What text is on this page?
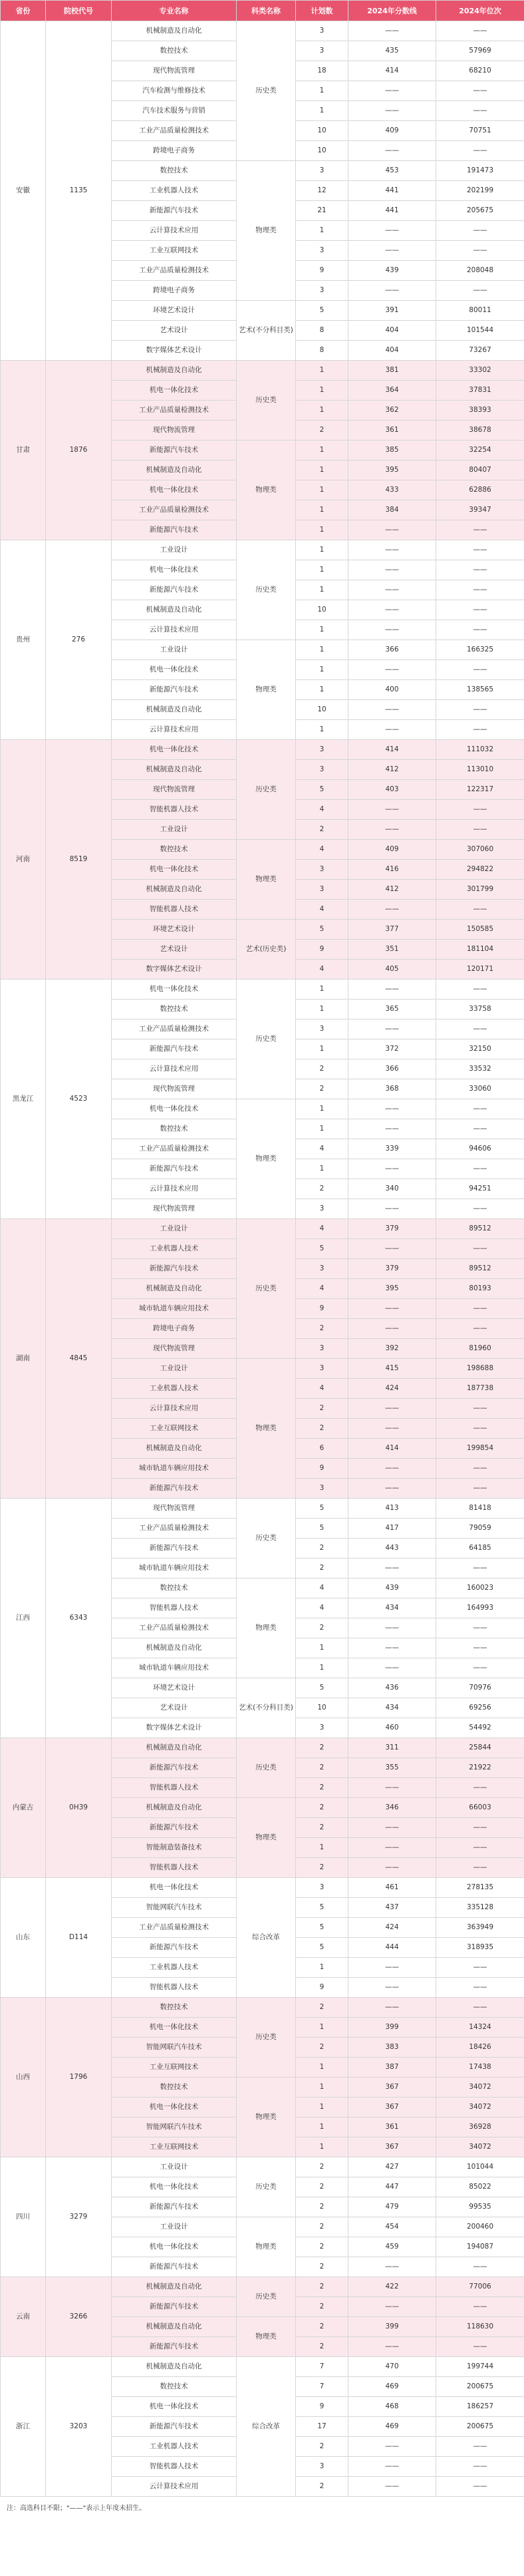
省份	院校代号	专业名称	科类名称	计划数	2024年分数线	2024年位次
安徽	1135	机械制造及自动化	历史类	3	——	——
		数控技术		3	435	57969
		现代物流管理		18	414	68210
		汽车检测与维修技术		1	——	——
		汽车技术服务与营销		1	——	——
		工业产品质量检测技术		10	409	70751
		跨境电子商务		10	——	——
		数控技术	物理类	3	453	191473
		工业机器人技术		12	441	202199
		新能源汽车技术		21	441	205675
		云计算技术应用		1	——	——
		工业互联网技术		3	——	——
		工业产品质量检测技术		9	439	208048
		跨境电子商务		3	——	——
		环境艺术设计	艺术(不分科目类)	5	391	80011
		艺术设计		8	404	101544
		数字媒体艺术设计		8	404	73267
甘肃	1876	机械制造及自动化	历史类	1	381	33302
		机电一体化技术		1	364	37831
		工业产品质量检测技术		1	362	38393
		现代物流管理		2	361	38678
		新能源汽车技术	物理类	1	385	32254
		机械制造及自动化		1	395	80407
		机电一体化技术		1	433	62886
		工业产品质量检测技术		1	384	39347
		新能源汽车技术		1	——	——
贵州	276	工业设计	历史类	1	——	——
		机电一体化技术		1	——	——
		新能源汽车技术		1	——	——
		机械制造及自动化		10	——	——
		云计算技术应用		1	——	——
		工业设计	物理类	1	366	166325
		机电一体化技术		1	——	——
		新能源汽车技术		1	400	138565
		机械制造及自动化		10	——	——
		云计算技术应用		1	——	——
河南	8519	机电一体化技术	历史类	3	414	111032
		机械制造及自动化		3	412	113010
		现代物流管理		5	403	122317
		智能机器人技术		4	——	——
		工业设计		2	——	——
		数控技术	物理类	4	409	307060
		机电一体化技术		3	416	294822
		机械制造及自动化		3	412	301799
		智能机器人技术		4	——	——
		环境艺术设计	艺术(历史类)	5	377	150585
		艺术设计		9	351	181104
		数字媒体艺术设计		4	405	120171
黑龙江	4523	机电一体化技术	历史类	1	——	——
		数控技术		1	365	33758
		工业产品质量检测技术		3	——	——
		新能源汽车技术		1	372	32150
		云计算技术应用		2	366	33532
		现代物流管理		2	368	33060
		机电一体化技术	物理类	1	——	——
		数控技术		1	——	——
		工业产品质量检测技术		4	339	94606
		新能源汽车技术		1	——	——
		云计算技术应用		2	340	94251
		现代物流管理		3	——	——
湖南	4845	工业设计	历史类	4	379	89512
		工业机器人技术		5	——	——
		新能源汽车技术		3	379	89512
		机械制造及自动化		4	395	80193
		城市轨道车辆应用技术		9	——	——
		跨境电子商务		2	——	——
		现代物流管理		3	392	81960
		工业设计	物理类	3	415	198688
		工业机器人技术		4	424	187738
		云计算技术应用		2	——	——
		工业互联网技术		2	——	——
		机械制造及自动化		6	414	199854
		城市轨道车辆应用技术		9	——	——
		新能源汽车技术		3	——	——
江西	6343	现代物流管理	历史类	5	413	81418
		工业产品质量检测技术		5	417	79059
		新能源汽车技术		2	443	64185
		城市轨道车辆应用技术		2	——	——
		数控技术	物理类	4	439	160023
		智能机器人技术		4	434	164993
		工业产品质量检测技术		2	——	——
		机械制造及自动化		1	——	——
		城市轨道车辆应用技术		1	——	——
		环境艺术设计	艺术(不分科目类)	5	436	70976
		艺术设计		10	434	69256
		数字媒体艺术设计		3	460	54492
内蒙古	0H39	机械制造及自动化	历史类	2	311	25844
		新能源汽车技术		2	355	21922
		智能机器人技术		2	——	——
		机械制造及自动化	物理类	2	346	66003
		新能源汽车技术		2	——	——
		智能制造装备技术		1	——	——
		智能机器人技术		2	——	——
山东	D114	机电一体化技术	综合改革	3	461	278135
		智能网联汽车技术		5	437	335128
		工业产品质量检测技术		5	424	363949
		新能源汽车技术		5	444	318935
		工业机器人技术		1	——	——
		智能机器人技术		9	——	——
山西	1796	数控技术	历史类	2	——	——
		机电一体化技术		1	399	14324
		智能网联汽车技术		2	383	18426
		工业互联网技术		1	387	17438
		数控技术	物理类	1	367	34072
		机电一体化技术		1	367	34072
		智能网联汽车技术		1	361	36928
		工业互联网技术		1	367	34072
四川	3279	工业设计	历史类	2	427	101044
		机电一体化技术		2	447	85022
		新能源汽车技术		2	479	99535
		工业设计	物理类	2	454	200460
		机电一体化技术		2	459	194087
		新能源汽车技术		2	——	——
云南	3266	机械制造及自动化	历史类	2	422	77006
		新能源汽车技术		2	——	——
		机械制造及自动化	物理类	2	399	118630
		新能源汽车技术		2	——	——
浙江	3203	机械制造及自动化	综合改革	7	470	199744
		数控技术		7	469	200675
		机电一体化技术		9	468	186257
		新能源汽车技术		17	469	200675
		工业机器人技术		2	——	——
		智能机器人技术		3	——	——
		云计算技术应用		2	——	——
注：高选科目不限；"——"表示上年度未招生。
